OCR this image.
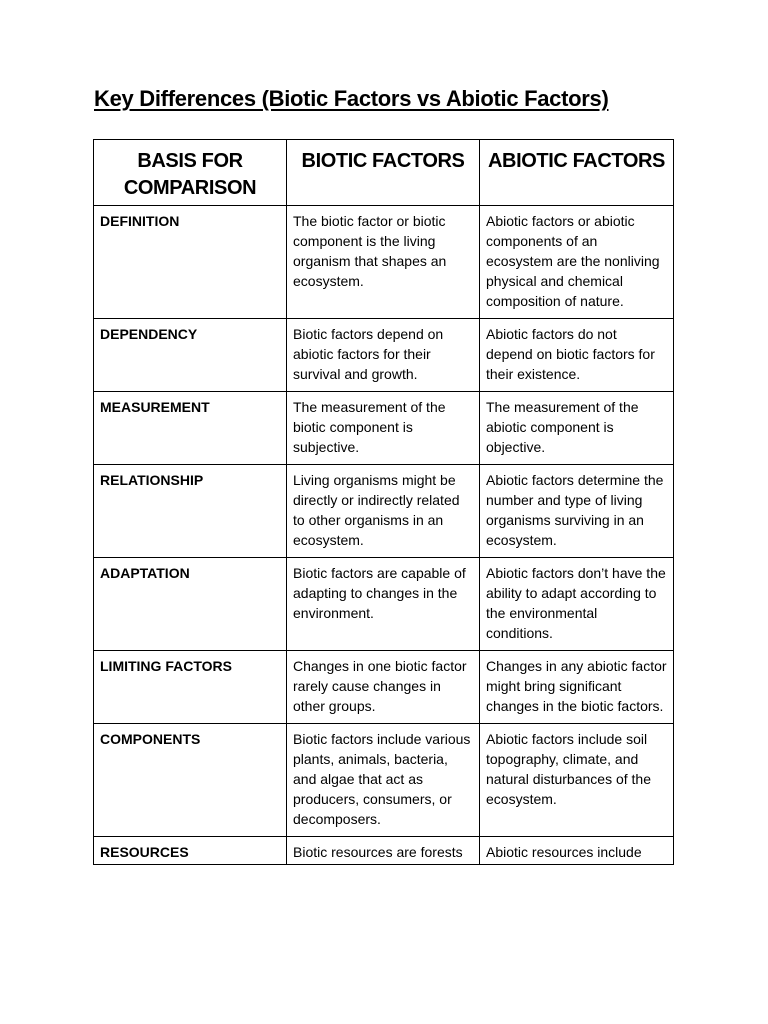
Key Differences (Biotic Factors vs Abiotic Factors)
BASIS FOR COMPARISON	BIOTIC FACTORS	ABIOTIC FACTORS
DEFINITION	The biotic factor or biotic component is the living organism that shapes an ecosystem.	Abiotic factors or abiotic components of an ecosystem are the nonliving physical and chemical composition of nature.
DEPENDENCY	Biotic factors depend on abiotic factors for their survival and growth.	Abiotic factors do not depend on biotic factors for their existence.
MEASUREMENT	The measurement of the biotic component is subjective.	The measurement of the abiotic component is objective.
RELATIONSHIP	Living organisms might be directly or indirectly related to other organisms in an ecosystem.	Abiotic factors determine the number and type of living organisms surviving in an ecosystem.
ADAPTATION	Biotic factors are capable of adapting to changes in the environment.	Abiotic factors don’t have the ability to adapt according to the environmental conditions.
LIMITING FACTORS	Changes in one biotic factor rarely cause changes in other groups.	Changes in any abiotic factor might bring significant changes in the biotic factors.
COMPONENTS	Biotic factors include various plants, animals, bacteria, and algae that act as producers, consumers, or decomposers.	Abiotic factors include soil topography, climate, and natural disturbances of the ecosystem.
RESOURCES	Biotic resources are forests	Abiotic resources include
